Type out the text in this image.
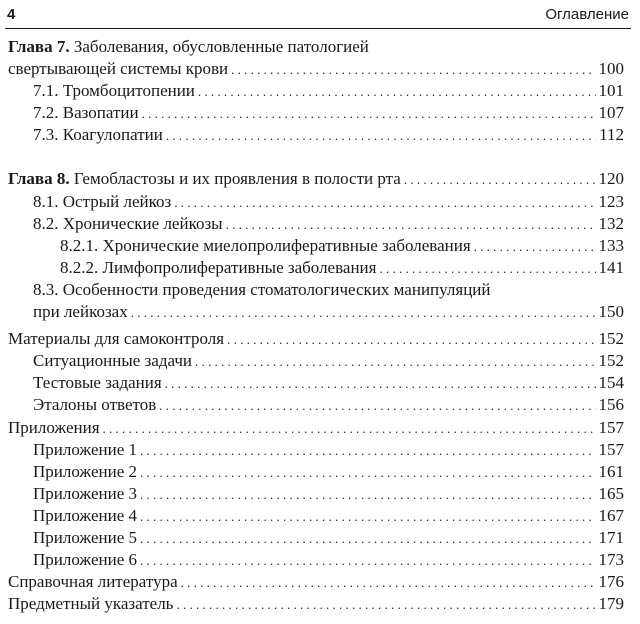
4	Оглавление
Глава 7. Заболевания, обусловленные патологией
свертывающей системы крови . . .	100
7.1. Тромбоцитопении . . .	101
7.2. Вазопатии . . .	107
7.3. Коагулопатии . . .	112
Глава 8. Гемобластозы и их проявления в полости рта . . .	120
8.1. Острый лейкоз . . .	123
8.2. Хронические лейкозы . . .	132
8.2.1. Хронические миелопролиферативные заболевания . . .	133
8.2.2. Лимфопролиферативные заболевания . . .	141
8.3. Особенности проведения стоматологических манипуляций
при лейкозах . . .	150
Материалы для самоконтроля . . .	152
Ситуационные задачи . . .	152
Тестовые задания . . .	154
Эталоны ответов . . .	156
Приложения . . .	157
Приложение 1 . . .	157
Приложение 2 . . .	161
Приложение 3 . . .	165
Приложение 4 . . .	167
Приложение 5 . . .	171
Приложение 6 . . .	173
Справочная литература . . .	176
Предметный указатель . . .	179
